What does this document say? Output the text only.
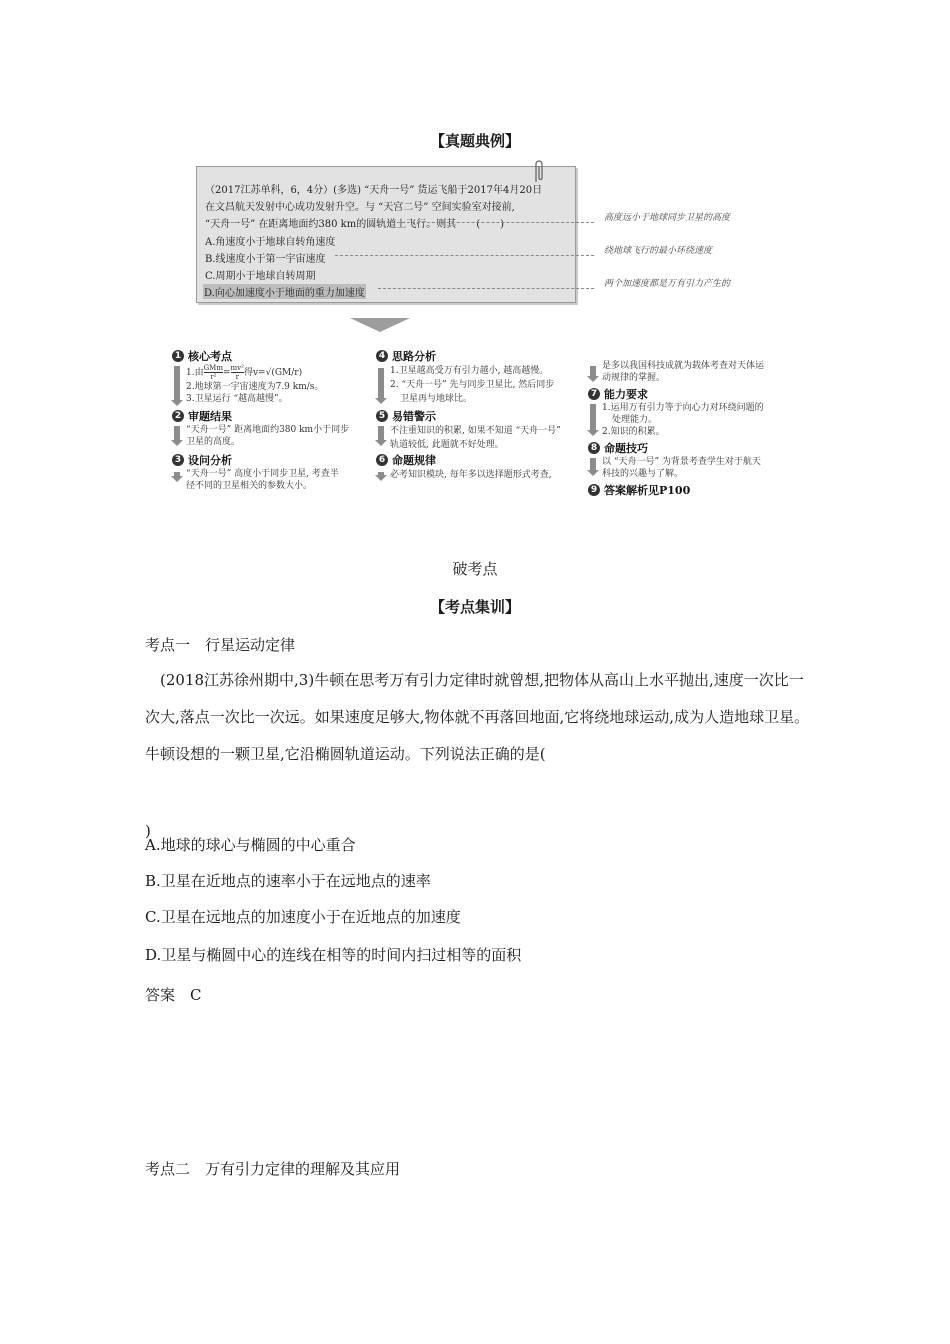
【真题典例】
（2017江苏单科，6，4分）(多选) “天舟一号” 货运飞船于2017年4月20日
在文昌航天发射中心成功发射升空。与 “天宫二号” 空间实验室对接前,
“天舟一号” 在距离地面约380 km的圆轨道上飞行。则其　　(　　)
A.角速度小于地球自转角速度
B.线速度小于第一宇宙速度
C.周期小于地球自转周期
D.向心加速度小于地面的重力加速度
高度远小于地球同步卫星的高度
绕地球飞行的最小环绕速度
两个加速度都是万有引力产生的
1 核心考点
1.由 $\frac{\text{GMm}}{\text{r²}} = \frac{\text{mv²}}{r}$ 得v=√(GM/r)
2.地球第一宇宙速度为7.9 km/s。
3.卫星运行 “越高越慢”。
2 审题结果
“天舟一号” 距离地面约380 km小于同步
卫星的高度。
3 设问分析
“天舟一号” 高度小于同步卫星, 考查半
径不同的卫星相关的参数大小。
4 思路分析
1.卫星越高受万有引力越小, 越高越慢。
2. “天舟一号” 先与同步卫星比, 然后同步
卫星再与地球比。
5 易错警示
不注重知识的积累, 如果不知道 “天舟一号”
轨道较低, 此题就不好处理。
6 命题规律
必考知识模块, 每年多以选择题形式考查,
是多以我国科技成就为载体考查对天体运
动规律的掌握。
7 能力要求
1.运用万有引力等于向心力对环绕问题的
处理能力。
2.知识的积累。
8 命题技巧
以 “天舟一号” 为背景考查学生对于航天
科技的兴趣与了解。
9 答案解析见P100
破考点
【考点集训】
考点一　行星运动定律
(2018江苏徐州期中,3)牛顿在思考万有引力定律时就曾想,把物体从高山上水平抛出,速度一次比一次大,落点一次比一次远。如果速度足够大,物体就不再落回地面,它将绕地球运动,成为人造地球卫星。牛顿设想的一颗卫星,它沿椭圆轨道运动。下列说法正确的是(
)
A.地球的球心与椭圆的中心重合
B.卫星在近地点的速率小于在远地点的速率
C.卫星在远地点的加速度小于在近地点的加速度
D.卫星与椭圆中心的连线在相等的时间内扫过相等的面积
答案　C
考点二　万有引力定律的理解及其应用
